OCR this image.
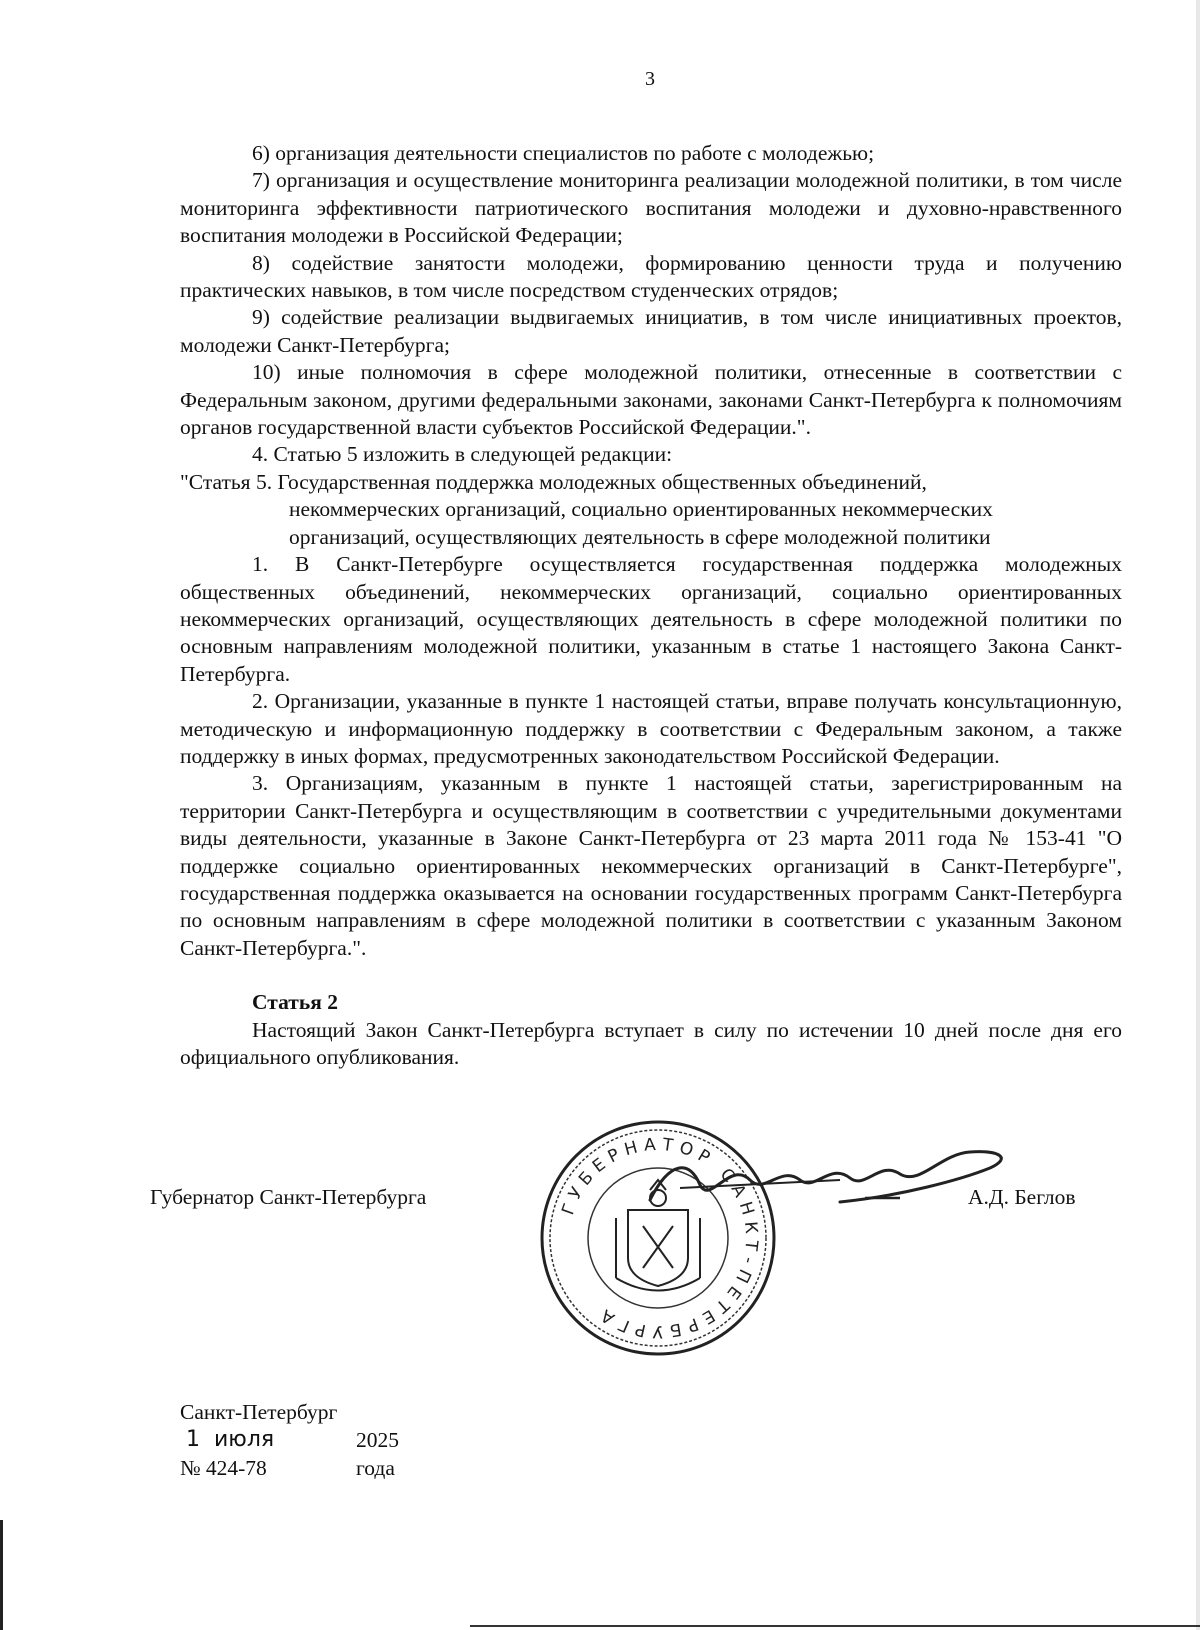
3

6) организация деятельности специалистов по работе с молодежью;

7) организация и осуществление мониторинга реализации молодежной политики, в том числе мониторинга эффективности патриотического воспитания молодежи и духовно-нравственного воспитания молодежи в Российской Федерации;

8) содействие занятости молодежи, формированию ценности труда и получению практических навыков, в том числе посредством студенческих отрядов;

9) содействие реализации выдвигаемых инициатив, в том числе инициативных проектов, молодежи Санкт-Петербурга;

10) иные полномочия в сфере молодежной политики, отнесенные в соответствии с Федеральным законом, другими федеральными законами, законами Санкт-Петербурга к полномочиям органов государственной власти субъектов Российской Федерации.".

4. Статью 5 изложить в следующей редакции:

"Статья 5. Государственная поддержка молодежных общественных объединений,
некоммерческих организаций, социально ориентированных некоммерческих
организаций, осуществляющих деятельность в сфере молодежной политики

1. В Санкт-Петербурге осуществляется государственная поддержка молодежных общественных объединений, некоммерческих организаций, социально ориентированных некоммерческих организаций, осуществляющих деятельность в сфере молодежной политики по основным направлениям молодежной политики, указанным в статье 1 настоящего Закона Санкт-Петербурга.

2. Организации, указанные в пункте 1 настоящей статьи, вправе получать консультационную, методическую и информационную поддержку в соответствии с Федеральным законом, а также поддержку в иных формах, предусмотренных законодательством Российской Федерации.

3. Организациям, указанным в пункте 1 настоящей статьи, зарегистрированным на территории Санкт-Петербурга и осуществляющим в соответствии с учредительными документами виды деятельности, указанные в Законе Санкт-Петербурга от 23 марта 2011 года № 153-41 "О поддержке социально ориентированных некоммерческих организаций в Санкт-Петербурге", государственная поддержка оказывается на основании государственных программ Санкт-Петербурга по основным направлениям в сфере молодежной политики в соответствии с указанным Законом Санкт-Петербурга.".

Статья 2

Настоящий Закон Санкт-Петербурга вступает в силу по истечении 10 дней после дня его официального опубликования.

Губернатор Санкт-Петербурга	А.Д. Беглов
ГУБЕРНАТОР САНКТ-ПЕТЕРБУРГА
Санкт-Петербург
1 июля	2025 года
№ 424-78
